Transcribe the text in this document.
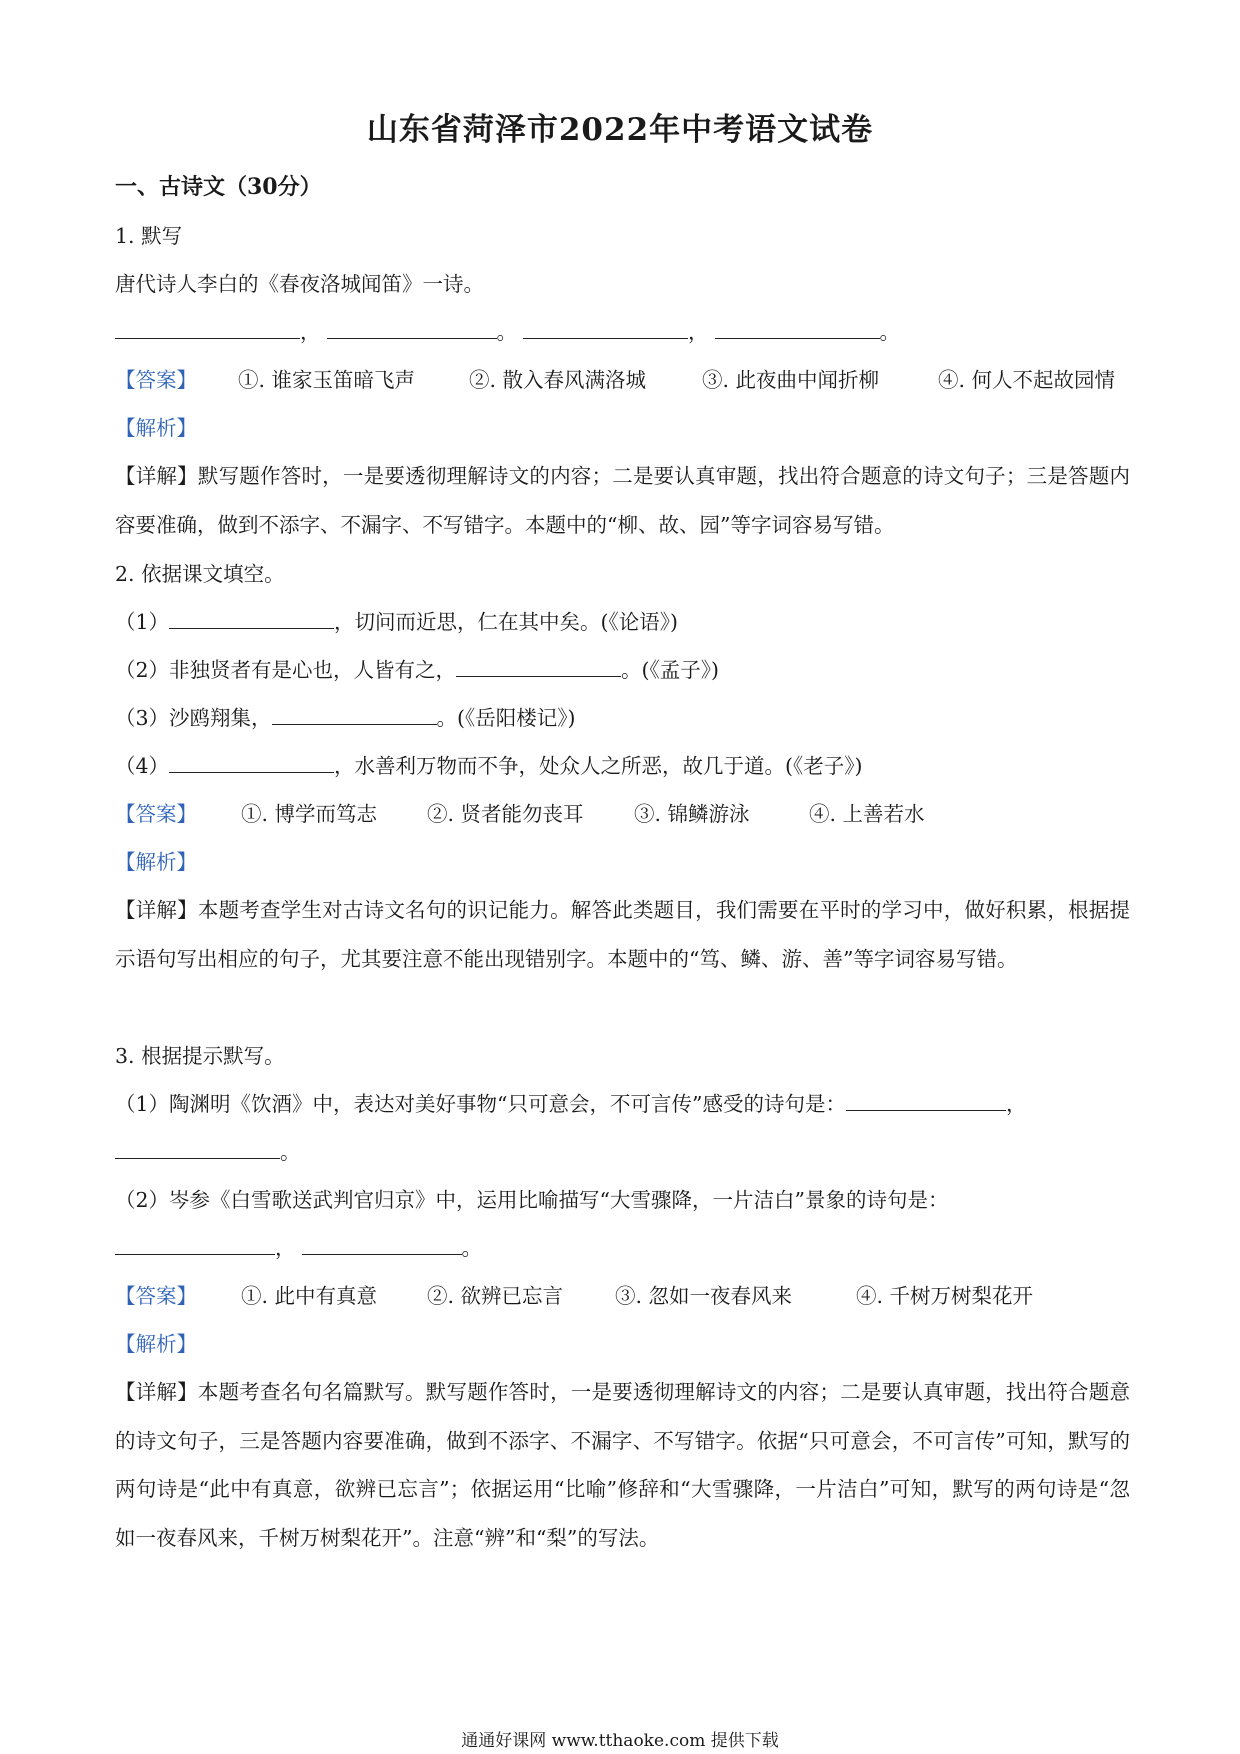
山东省菏泽市2022年中考语文试卷
一、古诗文（30分）
1. 默写
唐代诗人李白的《春夜洛城闻笛》一诗。
，	。	，	。
【答案】 ①. 谁家玉笛暗飞声	②. 散入春风满洛城	③. 此夜曲中闻折柳	④. 何人不起故园情
【解析】
【详解】默写题作答时，一是要透彻理解诗文的内容；二是要认真审题，找出符合题意的诗文句子；三是答题内容要准确，做到不添字、不漏字、不写错字。本题中的“柳、故、园”等字词容易写错。
2. 依据课文填空。
（1）	，切问而近思，仁在其中矣。(《论语》)
（2）非独贤者有是心也，人皆有之，	。(《孟子》)
（3）沙鸥翔集，	。(《岳阳楼记》)
（4）	，水善利万物而不争，处众人之所恶，故几于道。(《老子》)
【答案】 ①. 博学而笃志 ②. 贤者能勿丧耳 ③. 锦鳞游泳	④. 上善若水
【解析】
【详解】本题考查学生对古诗文名句的识记能力。解答此类题目，我们需要在平时的学习中，做好积累，根据提示语句写出相应的句子，尤其要注意不能出现错别字。本题中的“笃、鳞、游、善”等字词容易写错。
3. 根据提示默写。
（1）陶渊明《饮酒》中，表达对美好事物“只可意会，不可言传”感受的诗句是：	，
。
（2）岑参《白雪歌送武判官归京》中，运用比喻描写“大雪骤降，一片洁白”景象的诗句是：
，	。
【答案】 ①. 此中有真意 ②. 欲辨已忘言	③. 忽如一夜春风来	④. 千树万树梨花开
【解析】
【详解】本题考查名句名篇默写。默写题作答时，一是要透彻理解诗文的内容；二是要认真审题，找出符合题意的诗文句子，三是答题内容要准确，做到不添字、不漏字、不写错字。依据“只可意会，不可言传”可知，默写的两句诗是“此中有真意，欲辨已忘言”；依据运用“比喻”修辞和“大雪骤降，一片洁白”可知，默写的两句诗是“忽如一夜春风来，千树万树梨花开”。注意“辨”和“梨”的写法。
通通好课网 www.tthaoke.com 提供下载
